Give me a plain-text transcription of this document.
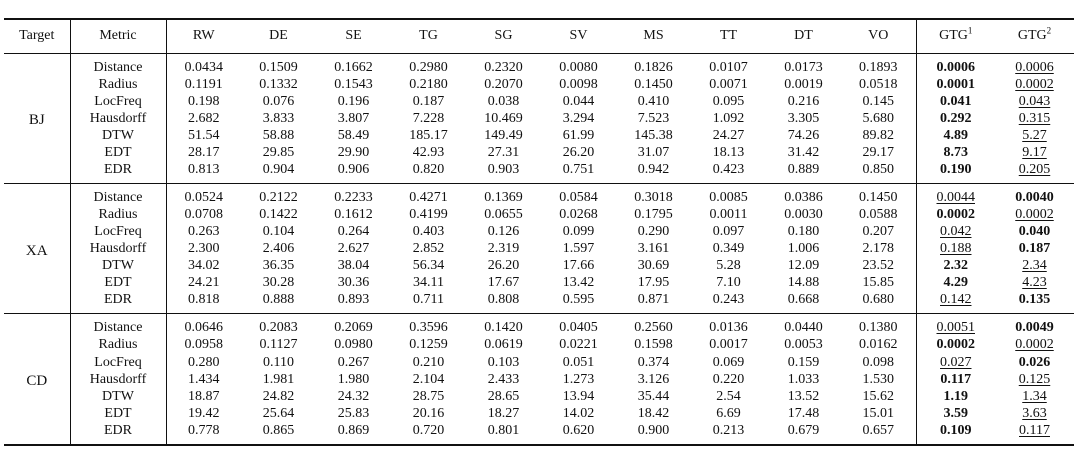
Target	Metric	RW	DE	SE	TG	SG	SV	MS	TT	DT	VO	GTG$^1$	GTG$^2$
BJ	Distance	0.0434	0.1509	0.1662	0.2980	0.2320	0.0080	0.1826	0.0107	0.0173	0.1893	0.0006	0.0006
	Radius	0.1191	0.1332	0.1543	0.2180	0.2070	0.0098	0.1450	0.0071	0.0019	0.0518	0.0001	0.0002
	LocFreq	0.198	0.076	0.196	0.187	0.038	0.044	0.410	0.095	0.216	0.145	0.041	0.043
	Hausdorff	2.682	3.833	3.807	7.228	10.469	3.294	7.523	1.092	3.305	5.680	0.292	0.315
	DTW	51.54	58.88	58.49	185.17	149.49	61.99	145.38	24.27	74.26	89.82	4.89	5.27
	EDT	28.17	29.85	29.90	42.93	27.31	26.20	31.07	18.13	31.42	29.17	8.73	9.17
	EDR	0.813	0.904	0.906	0.820	0.903	0.751	0.942	0.423	0.889	0.850	0.190	0.205
XA	Distance	0.0524	0.2122	0.2233	0.4271	0.1369	0.0584	0.3018	0.0085	0.0386	0.1450	0.0044	0.0040
	Radius	0.0708	0.1422	0.1612	0.4199	0.0655	0.0268	0.1795	0.0011	0.0030	0.0588	0.0002	0.0002
	LocFreq	0.263	0.104	0.264	0.403	0.126	0.099	0.290	0.097	0.180	0.207	0.042	0.040
	Hausdorff	2.300	2.406	2.627	2.852	2.319	1.597	3.161	0.349	1.006	2.178	0.188	0.187
	DTW	34.02	36.35	38.04	56.34	26.20	17.66	30.69	5.28	12.09	23.52	2.32	2.34
	EDT	24.21	30.28	30.36	34.11	17.67	13.42	17.95	7.10	14.88	15.85	4.29	4.23
	EDR	0.818	0.888	0.893	0.711	0.808	0.595	0.871	0.243	0.668	0.680	0.142	0.135
CD	Distance	0.0646	0.2083	0.2069	0.3596	0.1420	0.0405	0.2560	0.0136	0.0440	0.1380	0.0051	0.0049
	Radius	0.0958	0.1127	0.0980	0.1259	0.0619	0.0221	0.1598	0.0017	0.0053	0.0162	0.0002	0.0002
	LocFreq	0.280	0.110	0.267	0.210	0.103	0.051	0.374	0.069	0.159	0.098	0.027	0.026
	Hausdorff	1.434	1.981	1.980	2.104	2.433	1.273	3.126	0.220	1.033	1.530	0.117	0.125
	DTW	18.87	24.82	24.32	28.75	28.65	13.94	35.44	2.54	13.52	15.62	1.19	1.34
	EDT	19.42	25.64	25.83	20.16	18.27	14.02	18.42	6.69	17.48	15.01	3.59	3.63
	EDR	0.778	0.865	0.869	0.720	0.801	0.620	0.900	0.213	0.679	0.657	0.109	0.117
